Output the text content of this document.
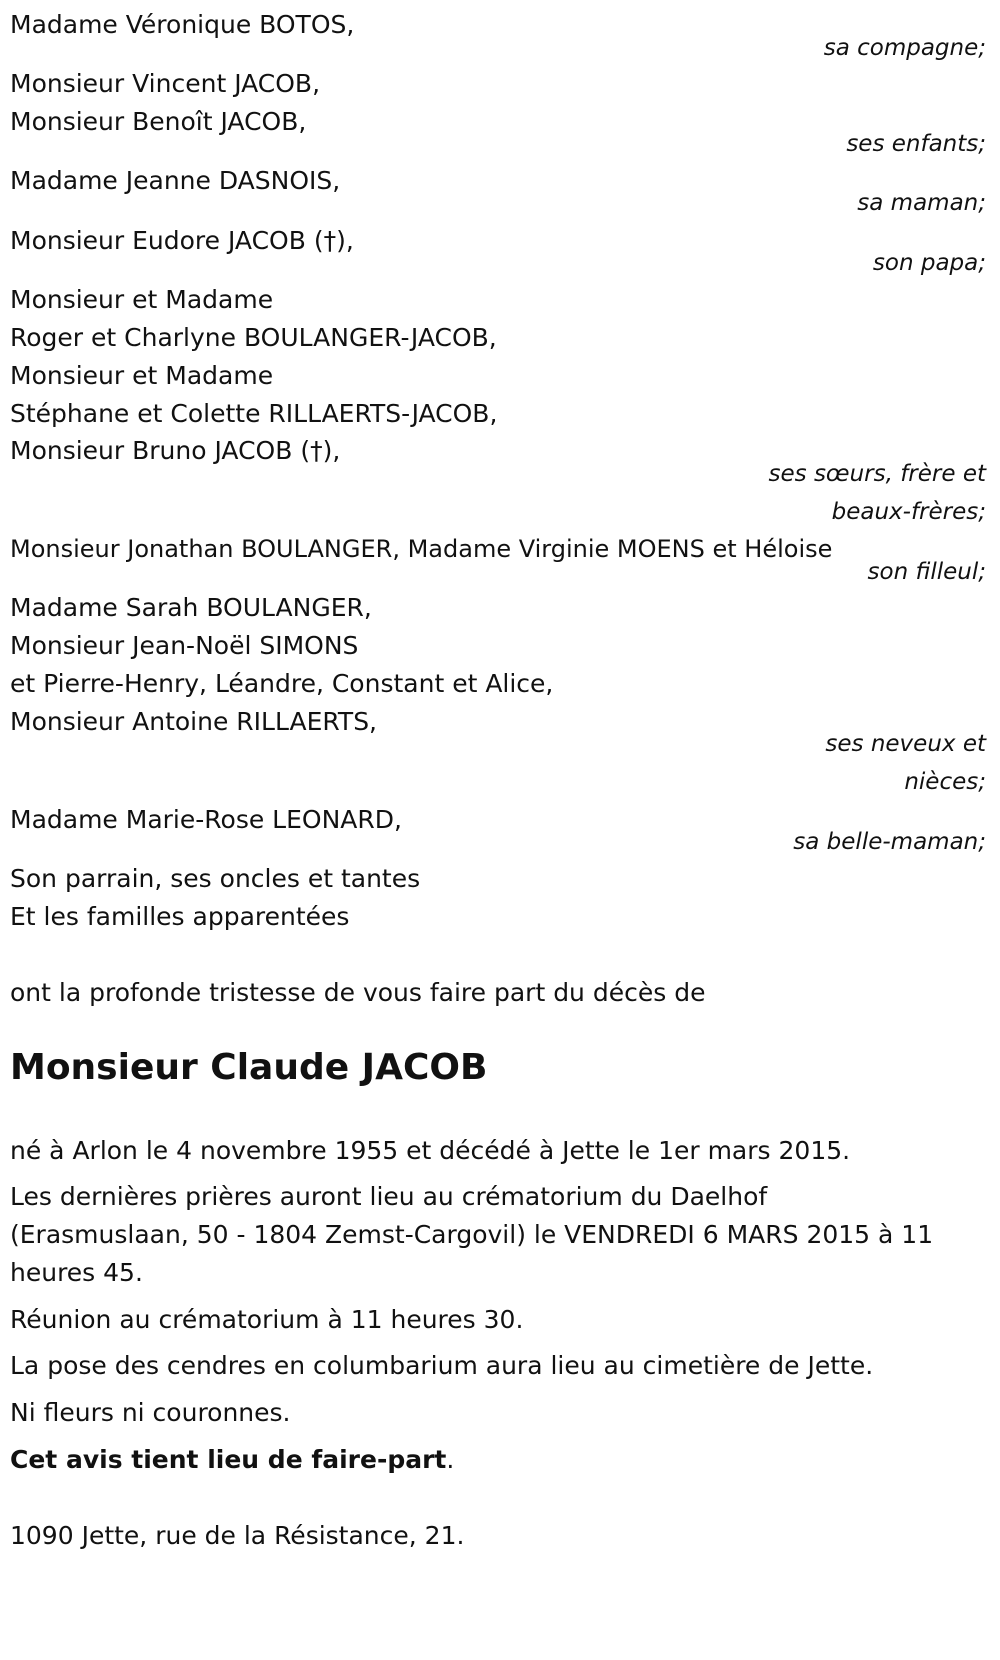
Madame Véronique BOTOS,
sa compagne;
Monsieur Vincent JACOB,
Monsieur Benoît JACOB,
ses enfants;
Madame Jeanne DASNOIS,
sa maman;
Monsieur Eudore JACOB (†),
son papa;
Monsieur et Madame
Roger et Charlyne BOULANGER-JACOB,
Monsieur et Madame
Stéphane et Colette RILLAERTS-JACOB,
Monsieur Bruno JACOB (†),
ses sœurs, frère et
beaux-frères;
Monsieur Jonathan BOULANGER, Madame Virginie MOENS et Héloise
son filleul;
Madame Sarah BOULANGER,
Monsieur Jean-Noël SIMONS
et Pierre-Henry, Léandre, Constant et Alice,
Monsieur Antoine RILLAERTS,
ses neveux et
nièces;
Madame Marie-Rose LEONARD,
sa belle-maman;
Son parrain, ses oncles et tantes
Et les familles apparentées
ont la profonde tristesse de vous faire part du décès de
Monsieur Claude JACOB
né à Arlon le 4 novembre 1955 et décédé à Jette le 1er mars 2015.
Les dernières prières auront lieu au crématorium du Daelhof
(Erasmuslaan, 50 - 1804 Zemst-Cargovil) le VENDREDI 6 MARS 2015 à 11
heures 45.
Réunion au crématorium à 11 heures 30.
La pose des cendres en columbarium aura lieu au cimetière de Jette.
Ni fleurs ni couronnes.
Cet avis tient lieu de faire-part.
1090 Jette, rue de la Résistance, 21.
